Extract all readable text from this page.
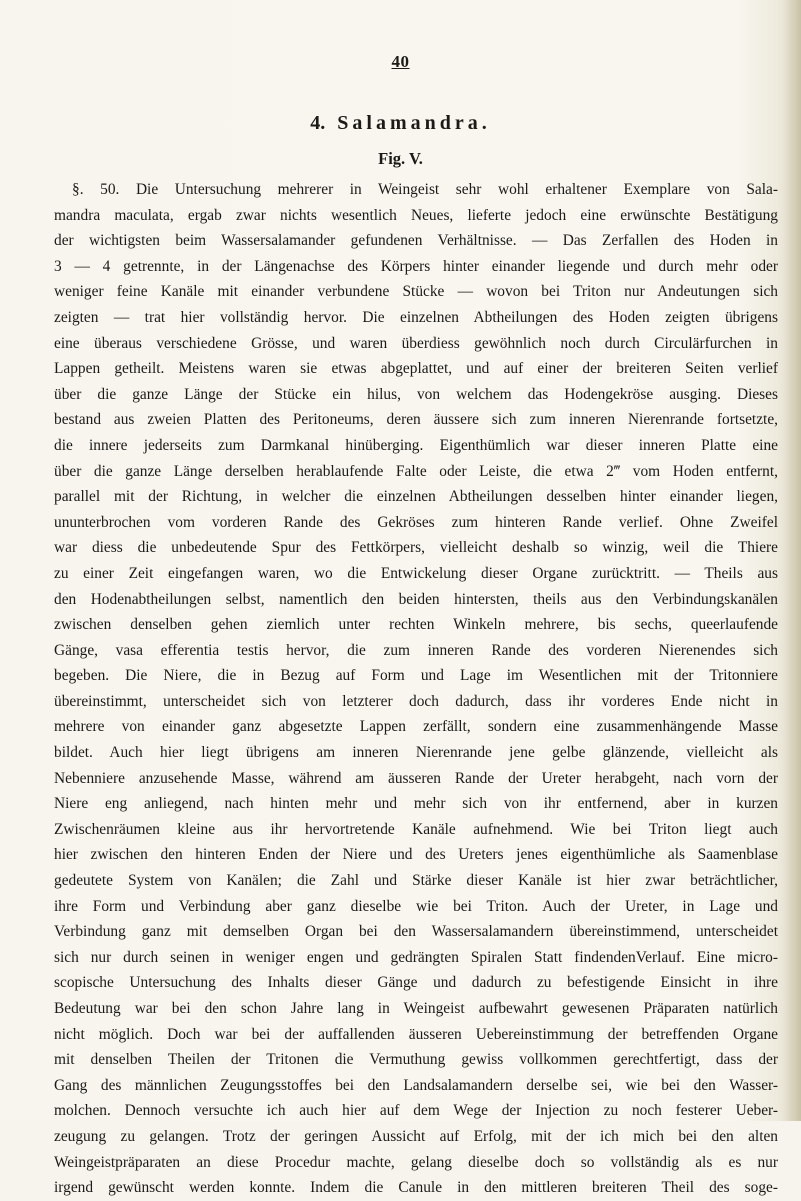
40
4. Salamandra.
Fig. V.
§. 50. Die Untersuchung mehrerer in Weingeist sehr wohl erhaltener Exemplare von Sala-
mandra maculata, ergab zwar nichts wesentlich Neues, lieferte jedoch eine erwünschte Bestätigung
der wichtigsten beim Wassersalamander gefundenen Verhältnisse. — Das Zerfallen des Hoden in
3 — 4 getrennte, in der Längenachse des Körpers hinter einander liegende und durch mehr oder
weniger feine Kanäle mit einander verbundene Stücke — wovon bei Triton nur Andeutungen sich
zeigten — trat hier vollständig hervor. Die einzelnen Abtheilungen des Hoden zeigten übrigens
eine überaus verschiedene Grösse, und waren überdiess gewöhnlich noch durch Circulärfurchen in
Lappen getheilt. Meistens waren sie etwas abgeplattet, und auf einer der breiteren Seiten verlief
über die ganze Länge der Stücke ein hilus, von welchem das Hodengekröse ausging. Dieses
bestand aus zweien Platten des Peritoneums, deren äussere sich zum inneren Nierenrande fortsetzte,
die innere jederseits zum Darmkanal hinüberging. Eigenthümlich war dieser inneren Platte eine
über die ganze Länge derselben herablaufende Falte oder Leiste, die etwa 2‴ vom Hoden entfernt,
parallel mit der Richtung, in welcher die einzelnen Abtheilungen desselben hinter einander liegen,
ununterbrochen vom vorderen Rande des Gekröses zum hinteren Rande verlief. Ohne Zweifel
war diess die unbedeutende Spur des Fettkörpers, vielleicht deshalb so winzig, weil die Thiere
zu einer Zeit eingefangen waren, wo die Entwickelung dieser Organe zurücktritt. — Theils aus
den Hodenabtheilungen selbst, namentlich den beiden hintersten, theils aus den Verbindungskanälen
zwischen denselben gehen ziemlich unter rechten Winkeln mehrere, bis sechs, queerlaufende
Gänge, vasa efferentia testis hervor, die zum inneren Rande des vorderen Nierenendes sich
begeben. Die Niere, die in Bezug auf Form und Lage im Wesentlichen mit der Tritonniere
übereinstimmt, unterscheidet sich von letzterer doch dadurch, dass ihr vorderes Ende nicht in
mehrere von einander ganz abgesetzte Lappen zerfällt, sondern eine zusammenhängende Masse
bildet. Auch hier liegt übrigens am inneren Nierenrande jene gelbe glänzende, vielleicht als
Nebenniere anzusehende Masse, während am äusseren Rande der Ureter herabgeht, nach vorn der
Niere eng anliegend, nach hinten mehr und mehr sich von ihr entfernend, aber in kurzen
Zwischenräumen kleine aus ihr hervortretende Kanäle aufnehmend. Wie bei Triton liegt auch
hier zwischen den hinteren Enden der Niere und des Ureters jenes eigenthümliche als Saamenblase
gedeutete System von Kanälen; die Zahl und Stärke dieser Kanäle ist hier zwar beträchtlicher,
ihre Form und Verbindung aber ganz dieselbe wie bei Triton. Auch der Ureter, in Lage und
Verbindung ganz mit demselben Organ bei den Wassersalamandern übereinstimmend, unterscheidet
sich nur durch seinen in weniger engen und gedrängten Spiralen Statt findendenVerlauf. Eine micro-
scopische Untersuchung des Inhalts dieser Gänge und dadurch zu befestigende Einsicht in ihre
Bedeutung war bei den schon Jahre lang in Weingeist aufbewahrt gewesenen Präparaten natürlich
nicht möglich. Doch war bei der auffallenden äusseren Uebereinstimmung der betreffenden Organe
mit denselben Theilen der Tritonen die Vermuthung gewiss vollkommen gerechtfertigt, dass der
Gang des männlichen Zeugungsstoffes bei den Landsalamandern derselbe sei, wie bei den Wasser-
molchen. Dennoch versuchte ich auch hier auf dem Wege der Injection zu noch festerer Ueber-
zeugung zu gelangen. Trotz der geringen Aussicht auf Erfolg, mit der ich mich bei den alten
Weingeistpräparaten an diese Procedur machte, gelang dieselbe doch so vollständig als es nur
irgend gewünscht werden konnte. Indem die Canule in den mittleren breiteren Theil des soge-
